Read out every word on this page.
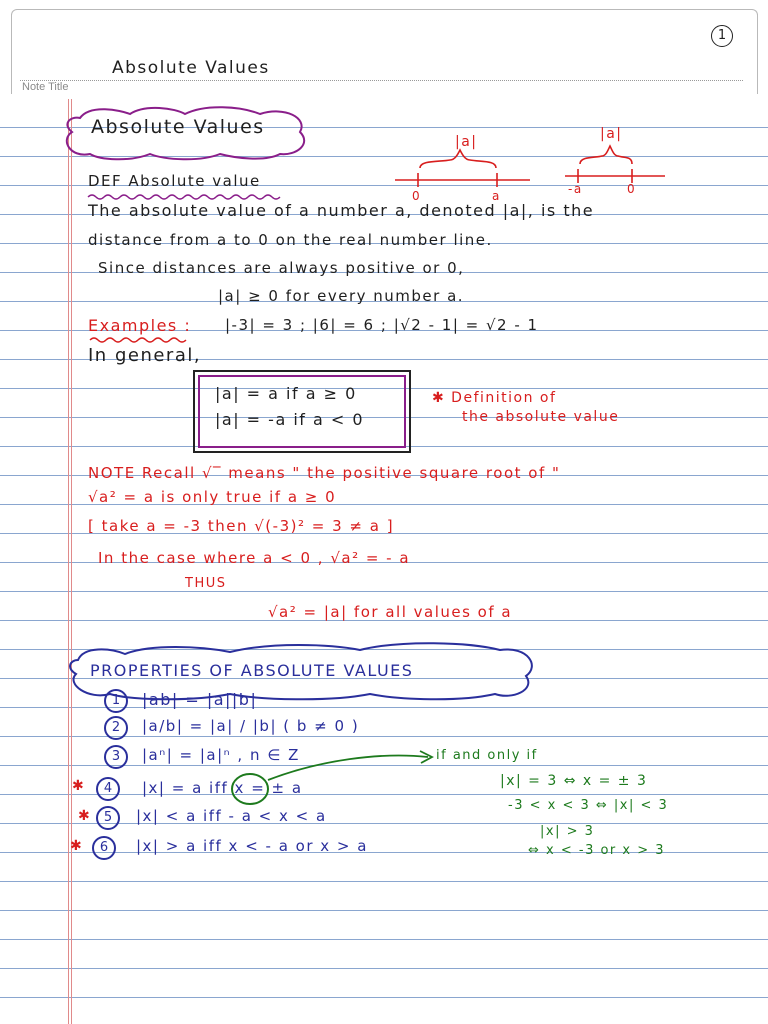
1
Absolute Values
Note Title
Absolute Values
|a|
0	a
|a|
-a	0
DEF Absolute value
The absolute value of a number a, denoted |a|, is the
distance from a to 0 on the real number line.
Since distances are always positive or 0,
|a| ≥ 0 for every number a.
Examples : |-3| = 3 ; |6| = 6 ; |√2 - 1| = √2 - 1
In general,
|a| = a if a ≥ 0
|a| = -a if a < 0
✱ Definition of
the absolute value
NOTE Recall √‾ means " the positive square root of "
√a² = a is only true if a ≥ 0
[ take a = -3 then √(-3)² = 3 ≠ a ]
In the case where a < 0 , √a² = - a
THUS
√a² = |a| for all values of a
PROPERTIES OF ABSOLUTE VALUES
1	|ab| = |a||b|
2	|a/b| = |a| / |b| ( b ≠ 0 )
3	|aⁿ| = |a|ⁿ , n ∈ Z
✱	4	|x| = a iff x = ± a
✱	5	|x| < a iff - a < x < a
✱	6	|x| > a iff x < - a or x > a
if and only if
|x| = 3 ⇔ x = ± 3
-3 < x < 3 ⇔ |x| < 3
|x| > 3
⇔ x < -3 or x > 3
